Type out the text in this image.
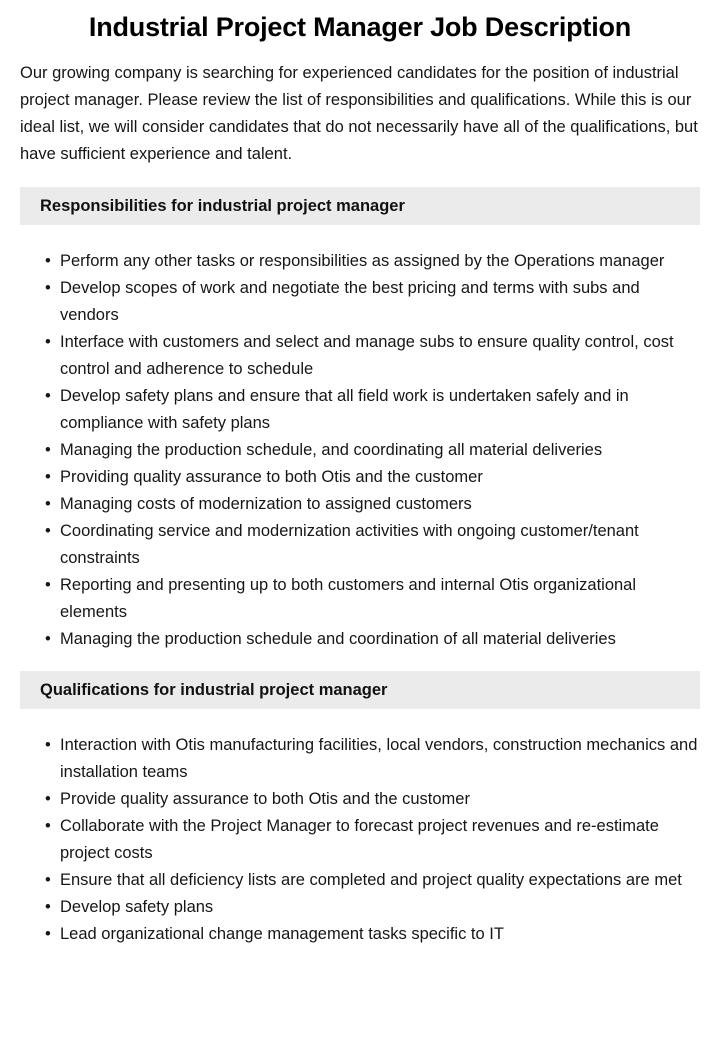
Industrial Project Manager Job Description

Our growing company is searching for experienced candidates for the position of industrial project manager. Please review the list of responsibilities and qualifications. While this is our ideal list, we will consider candidates that do not necessarily have all of the qualifications, but have sufficient experience and talent.

Responsibilities for industrial project manager
• Perform any other tasks or responsibilities as assigned by the Operations manager
• Develop scopes of work and negotiate the best pricing and terms with subs and vendors
• Interface with customers and select and manage subs to ensure quality control, cost control and adherence to schedule
• Develop safety plans and ensure that all field work is undertaken safely and in compliance with safety plans
• Managing the production schedule, and coordinating all material deliveries
• Providing quality assurance to both Otis and the customer
• Managing costs of modernization to assigned customers
• Coordinating service and modernization activities with ongoing customer/tenant constraints
• Reporting and presenting up to both customers and internal Otis organizational elements
• Managing the production schedule and coordination of all material deliveries
Qualifications for industrial project manager
• Interaction with Otis manufacturing facilities, local vendors, construction mechanics and installation teams
• Provide quality assurance to both Otis and the customer
• Collaborate with the Project Manager to forecast project revenues and re-estimate project costs
• Ensure that all deficiency lists are completed and project quality expectations are met
• Develop safety plans
• Lead organizational change management tasks specific to IT
